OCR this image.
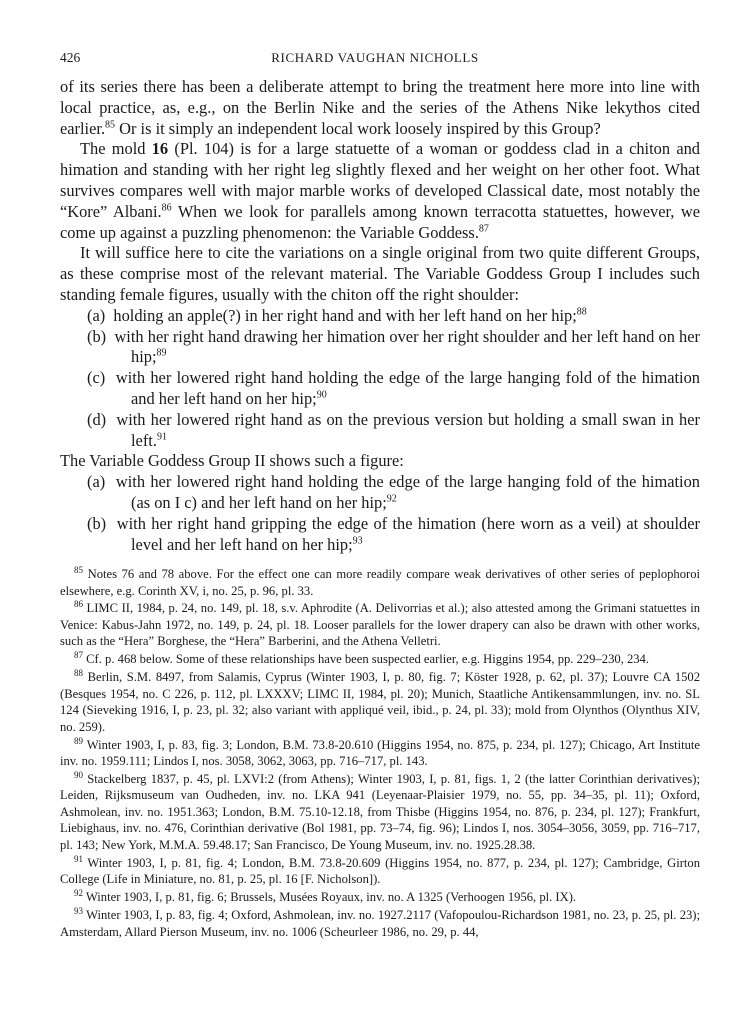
426	RICHARD VAUGHAN NICHOLLS

of its series there has been a deliberate attempt to bring the treatment here more into line with local practice, as, e.g., on the Berlin Nike and the series of the Athens Nike lekythos cited earlier.$^{85}$ Or is it simply an independent local work loosely inspired by this Group?

The mold 16 (Pl. 104) is for a large statuette of a woman or goddess clad in a chiton and himation and standing with her right leg slightly flexed and her weight on her other foot. What survives compares well with major marble works of developed Classical date, most notably the “Kore” Albani.$^{86}$ When we look for parallels among known terracotta statuettes, however, we come up against a puzzling phenomenon: the Variable Goddess.$^{87}$

It will suffice here to cite the variations on a single original from two quite different Groups, as these comprise most of the relevant material. The Variable Goddess Group I includes such standing female figures, usually with the chiton off the right shoulder:

(a)  holding an apple(?) in her right hand and with her left hand on her hip;$^{88}$
(b)  with her right hand drawing her himation over her right shoulder and her left hand on her hip;$^{89}$
(c)  with her lowered right hand holding the edge of the large hanging fold of the himation and her left hand on her hip;$^{90}$
(d)  with her lowered right hand as on the previous version but holding a small swan in her left.$^{91}$

The Variable Goddess Group II shows such a figure:

(a)  with her lowered right hand holding the edge of the large hanging fold of the himation (as on I c) and her left hand on her hip;$^{92}$
(b)  with her right hand gripping the edge of the himation (here worn as a veil) at shoulder level and her left hand on her hip;$^{93}$

$^{85}$ Notes 76 and 78 above. For the effect one can more readily compare weak derivatives of other series of peplophoroi elsewhere, e.g. Corinth XV, i, no. 25, p. 96, pl. 33.

$^{86}$ LIMC II, 1984, p. 24, no. 149, pl. 18, s.v. Aphrodite (A. Delivorrias et al.); also attested among the Grimani statuettes in Venice: Kabus-Jahn 1972, no. 149, p. 24, pl. 18. Looser parallels for the lower drapery can also be drawn with other works, such as the “Hera” Borghese, the “Hera” Barberini, and the Athena Velletri.

$^{87}$ Cf. p. 468 below. Some of these relationships have been suspected earlier, e.g. Higgins 1954, pp. 229–230, 234.

$^{88}$ Berlin, S.M. 8497, from Salamis, Cyprus (Winter 1903, I, p. 80, fig. 7; Köster 1928, p. 62, pl. 37); Louvre CA 1502 (Besques 1954, no. C 226, p. 112, pl. LXXXV; LIMC II, 1984, pl. 20); Munich, Staatliche Antikensammlungen, inv. no. SL 124 (Sieveking 1916, I, p. 23, pl. 32; also variant with appliqué veil, ibid., p. 24, pl. 33); mold from Olynthos (Olynthus XIV, no. 259).

$^{89}$ Winter 1903, I, p. 83, fig. 3; London, B.M. 73.8-20.610 (Higgins 1954, no. 875, p. 234, pl. 127); Chicago, Art Institute inv. no. 1959.111; Lindos I, nos. 3058, 3062, 3063, pp. 716–717, pl. 143.

$^{90}$ Stackelberg 1837, p. 45, pl. LXVI:2 (from Athens); Winter 1903, I, p. 81, figs. 1, 2 (the latter Corinthian derivatives); Leiden, Rijksmuseum van Oudheden, inv. no. LKA 941 (Leyenaar-Plaisier 1979, no. 55, pp. 34–35, pl. 11); Oxford, Ashmolean, inv. no. 1951.363; London, B.M. 75.10-12.18, from Thisbe (Higgins 1954, no. 876, p. 234, pl. 127); Frankfurt, Liebighaus, inv. no. 476, Corinthian derivative (Bol 1981, pp. 73–74, fig. 96); Lindos I, nos. 3054–3056, 3059, pp. 716–717, pl. 143; New York, M.M.A. 59.48.17; San Francisco, De Young Museum, inv. no. 1925.28.38.

$^{91}$ Winter 1903, I, p. 81, fig. 4; London, B.M. 73.8-20.609 (Higgins 1954, no. 877, p. 234, pl. 127); Cambridge, Girton College (Life in Miniature, no. 81, p. 25, pl. 16 [F. Nicholson]).

$^{92}$ Winter 1903, I, p. 81, fig. 6; Brussels, Musées Royaux, inv. no. A 1325 (Verhoogen 1956, pl. IX).

$^{93}$ Winter 1903, I, p. 83, fig. 4; Oxford, Ashmolean, inv. no. 1927.2117 (Vafopoulou-Richardson 1981, no. 23, p. 25, pl. 23); Amsterdam, Allard Pierson Museum, inv. no. 1006 (Scheurleer 1986, no. 29, p. 44,
